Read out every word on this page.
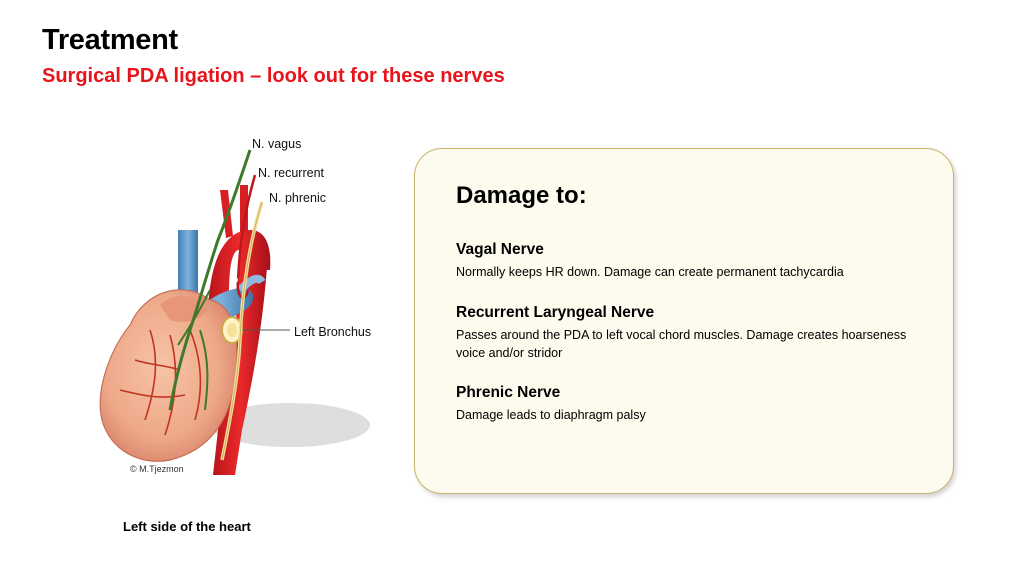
Treatment
Surgical PDA ligation – look out for these nerves
N. vagus
N. recurrent
N. phrenic
Left Bronchus
© M.Tjezmon
Left side of the heart
Damage to:
Vagal Nerve
Normally keeps HR down. Damage can create permanent tachycardia
Recurrent Laryngeal Nerve
Passes around the PDA to left vocal chord muscles. Damage creates hoarseness voice and/or stridor
Phrenic Nerve
Damage leads to diaphragm palsy
